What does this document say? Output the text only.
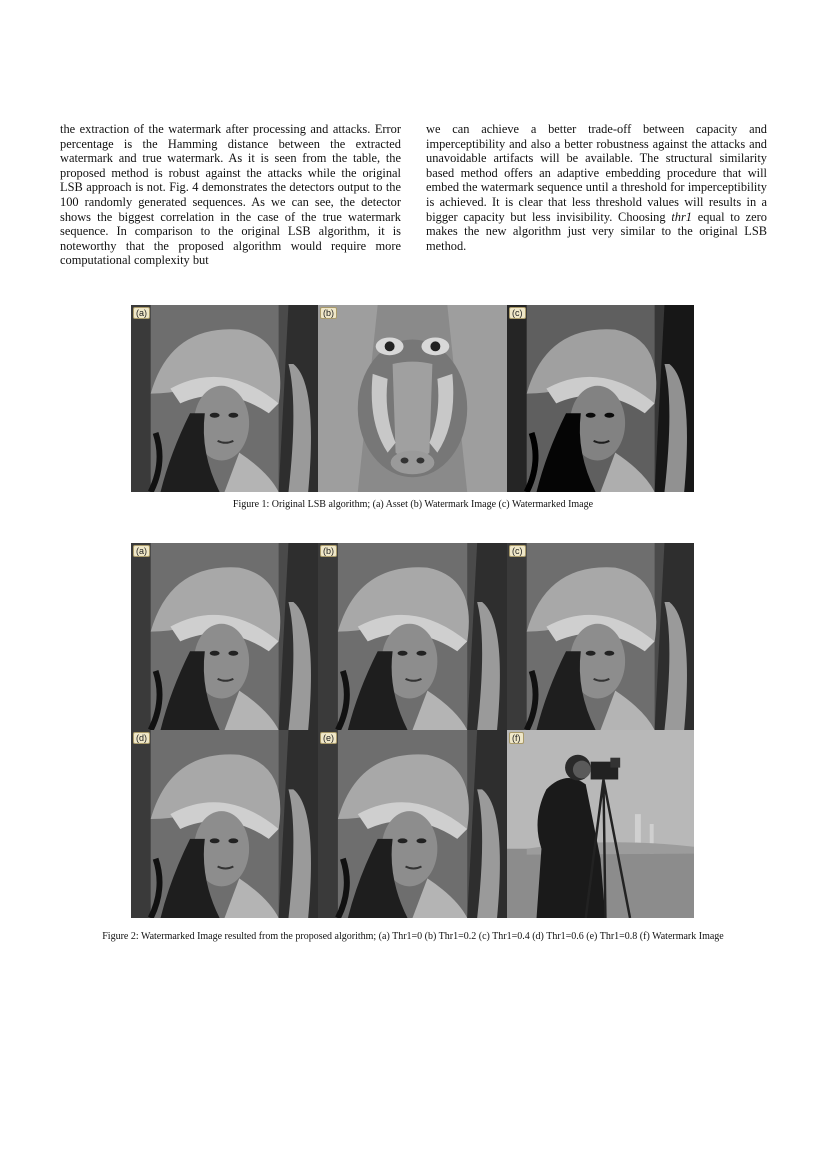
the extraction of the watermark after processing and attacks. Error percentage is the Hamming distance between the extracted watermark and true watermark. As it is seen from the table, the proposed method is robust against the attacks while the original LSB approach is not. Fig. 4 demonstrates the detectors output to the 100 randomly generated sequences. As we can see, the detector shows the biggest correlation in the case of the true watermark sequence. In comparison to the original LSB algorithm, it is noteworthy that the proposed algorithm would require more computational complexity but

we can achieve a better trade-off between capacity and imperceptibility and also a better robustness against the attacks and unavoidable artifacts will be available. The structural similarity based method offers an adaptive embedding procedure that will embed the watermark sequence until a threshold for imperceptibility is achieved. It is clear that less threshold values will results in a bigger capacity but less invisibility. Choosing thr1 equal to zero makes the new algorithm just very similar to the original LSB method.

(a)	(b)	(c)
Figure 1: Original LSB algorithm; (a) Asset (b) Watermark Image (c) Watermarked Image
(a)	(b)	(c)
(d)	(e)	(f)
Figure 2: Watermarked Image resulted from the proposed algorithm; (a) Thr1=0 (b) Thr1=0.2 (c) Thr1=0.4 (d) Thr1=0.6 (e) Thr1=0.8 (f) Watermark Image
